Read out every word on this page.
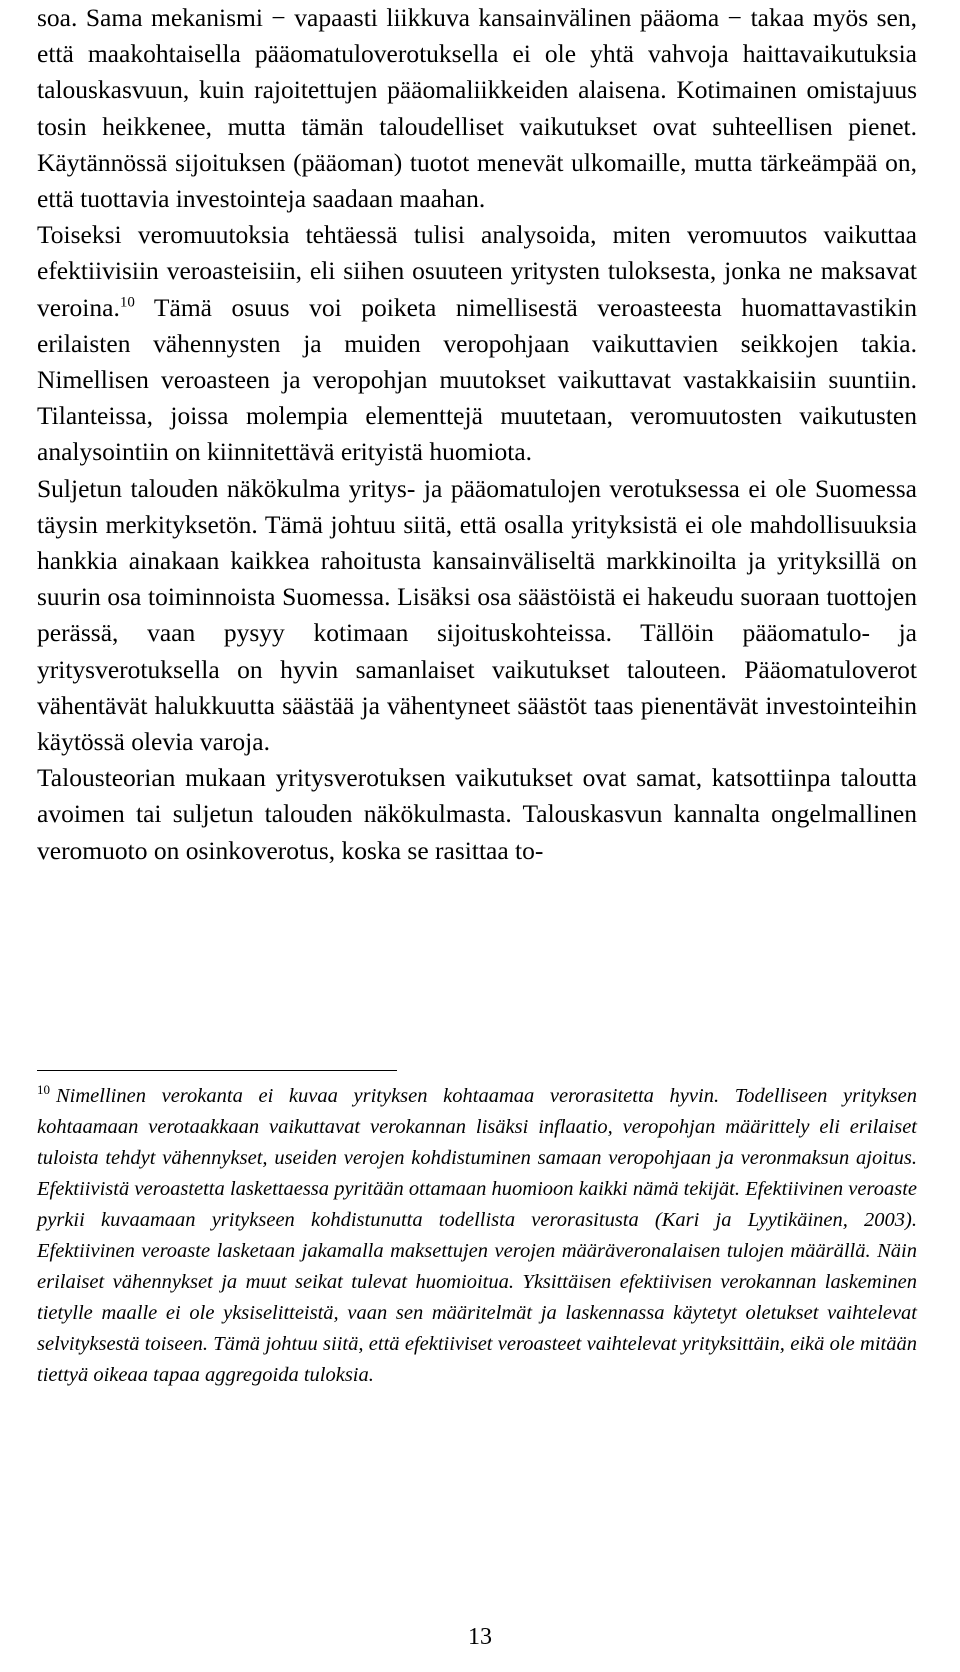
soa. Sama mekanismi − vapaasti liikkuva kansainvälinen pääoma − takaa myös sen, että maakohtaisella pääomatuloverotuksella ei ole yhtä vahvoja haittavaikutuksia talouskasvuun, kuin rajoitettujen pääomaliikkeiden alaisena. Kotimainen omistajuus tosin heikkenee, mutta tämän taloudelliset vaikutukset ovat suhteellisen pienet. Käytännössä sijoituksen (pääoman) tuotot menevät ulkomaille, mutta tärkeämpää on, että tuottavia investointeja saadaan maahan.

Toiseksi veromuutoksia tehtäessä tulisi analysoida, miten veromuutos vaikuttaa efektiivisiin veroasteisiin, eli siihen osuuteen yritysten tuloksesta, jonka ne maksavat veroina.$^{10}$ Tämä osuus voi poiketa nimellisestä veroasteesta huomattavastikin erilaisten vähennysten ja muiden veropohjaan vaikuttavien seikkojen takia. Nimellisen veroasteen ja veropohjan muutokset vaikuttavat vastakkaisiin suuntiin. Tilanteissa, joissa molempia elementtejä muutetaan, veromuutosten vaikutusten analysointiin on kiinnitettävä erityistä huomiota.

Suljetun talouden näkökulma yritys- ja pääomatulojen verotuksessa ei ole Suomessa täysin merkityksetön. Tämä johtuu siitä, että osalla yrityksistä ei ole mahdollisuuksia hankkia ainakaan kaikkea rahoitusta kansainväliseltä markkinoilta ja yrityksillä on suurin osa toiminnoista Suomessa. Lisäksi osa säästöistä ei hakeudu suoraan tuottojen perässä, vaan pysyy kotimaan sijoituskohteissa. Tällöin pääomatulo- ja yritysverotuksella on hyvin samanlaiset vaikutukset talouteen. Pääomatuloverot vähentävät halukkuutta säästää ja vähentyneet säästöt taas pienentävät investointeihin käytössä olevia varoja.

Talousteorian mukaan yritysverotuksen vaikutukset ovat samat, katsottiinpa taloutta avoimen tai suljetun talouden näkökulmasta. Talouskasvun kannalta ongelmallinen veromuoto on osinkoverotus, koska se rasittaa to-

$^{10}$ Nimellinen verokanta ei kuvaa yrityksen kohtaamaa verorasitetta hyvin. Todelliseen yrityksen kohtaamaan verotaakkaan vaikuttavat verokannan lisäksi inflaatio, veropohjan määrittely eli erilaiset tuloista tehdyt vähennykset, useiden verojen kohdistuminen samaan veropohjaan ja veronmaksun ajoitus. Efektiivistä veroastetta laskettaessa pyritään ottamaan huomioon kaikki nämä tekijät. Efektiivinen veroaste pyrkii kuvaamaan yritykseen kohdistunutta todellista verorasitusta (Kari ja Lyytikäinen, 2003). Efektiivinen veroaste lasketaan jakamalla maksettujen verojen määräveronalaisen tulojen määrällä. Näin erilaiset vähennykset ja muut seikat tulevat huomioitua. Yksittäisen efektiivisen verokannan laskeminen tietylle maalle ei ole yksiselitteistä, vaan sen määritelmät ja laskennassa käytetyt oletukset vaihtelevat selvityksestä toiseen. Tämä johtuu siitä, että efektiiviset veroasteet vaihtelevat yrityksittäin, eikä ole mitään tiettyä oikeaa tapaa aggregoida tuloksia.
13
